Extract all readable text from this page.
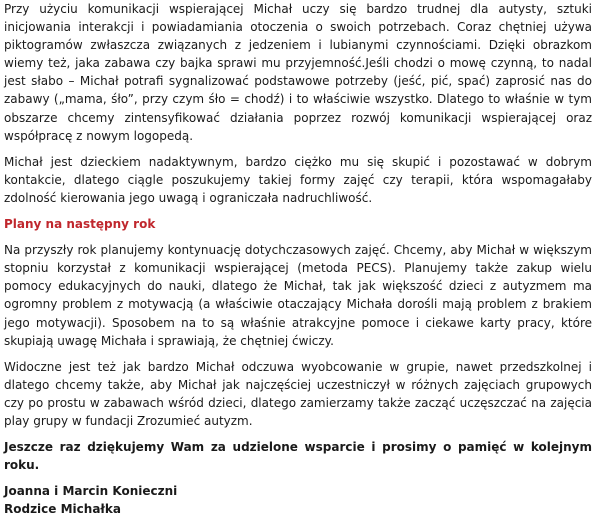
Przy użyciu komunikacji wspierającej Michał uczy się bardzo trudnej dla autysty, sztuki inicjowania interakcji i powiadamiania otoczenia o swoich potrzebach. Coraz chętniej używa piktogramów zwłaszcza związanych z jedzeniem i lubianymi czynnościami. Dzięki obrazkom wiemy też, jaka zabawa czy bajka sprawi mu przyjemność.Jeśli chodzi o mowę czynną, to nadal jest słabo – Michał potrafi sygnalizować podstawowe potrzeby (jeść, pić, spać) zaprosić nas do zabawy („mama, śło”, przy czym śło = chodź) i to właściwie wszystko. Dlatego to właśnie w tym obszarze chcemy zintensyfikować działania poprzez rozwój komunikacji wspierającej oraz współpracę z nowym logopedą.

Michał jest dzieckiem nadaktywnym, bardzo ciężko mu się skupić i pozostawać w dobrym kontakcie, dlatego ciągle poszukujemy takiej formy zajęć czy terapii, która wspomagałaby zdolność kierowania jego uwagą i ograniczała nadruchliwość.

Plany na następny rok

Na przyszły rok planujemy kontynuację dotychczasowych zajęć. Chcemy, aby Michał w większym stopniu korzystał z komunikacji wspierającej (metoda PECS). Planujemy także zakup wielu pomocy edukacyjnych do nauki, dlatego że Michał, tak jak większość dzieci z autyzmem ma ogromny problem z motywacją (a właściwie otaczający Michała dorośli mają problem z brakiem jego motywacji). Sposobem na to są właśnie atrakcyjne pomoce i ciekawe karty pracy, które skupiają uwagę Michała i sprawiają, że chętniej ćwiczy.

Widoczne jest też jak bardzo Michał odczuwa wyobcowanie w grupie, nawet przedszkolnej i dlatego chcemy także, aby Michał jak najczęściej uczestniczył w różnych zajęciach grupowych czy po prostu w zabawach wśród dzieci, dlatego zamierzamy także zacząć uczęszczać na zajęcia play grupy w fundacji Zrozumieć autyzm.

Jeszcze raz dziękujemy Wam za udzielone wsparcie i prosimy o pamięć w kolejnym roku.

Joanna i Marcin Konieczni

Rodzice Michałka
